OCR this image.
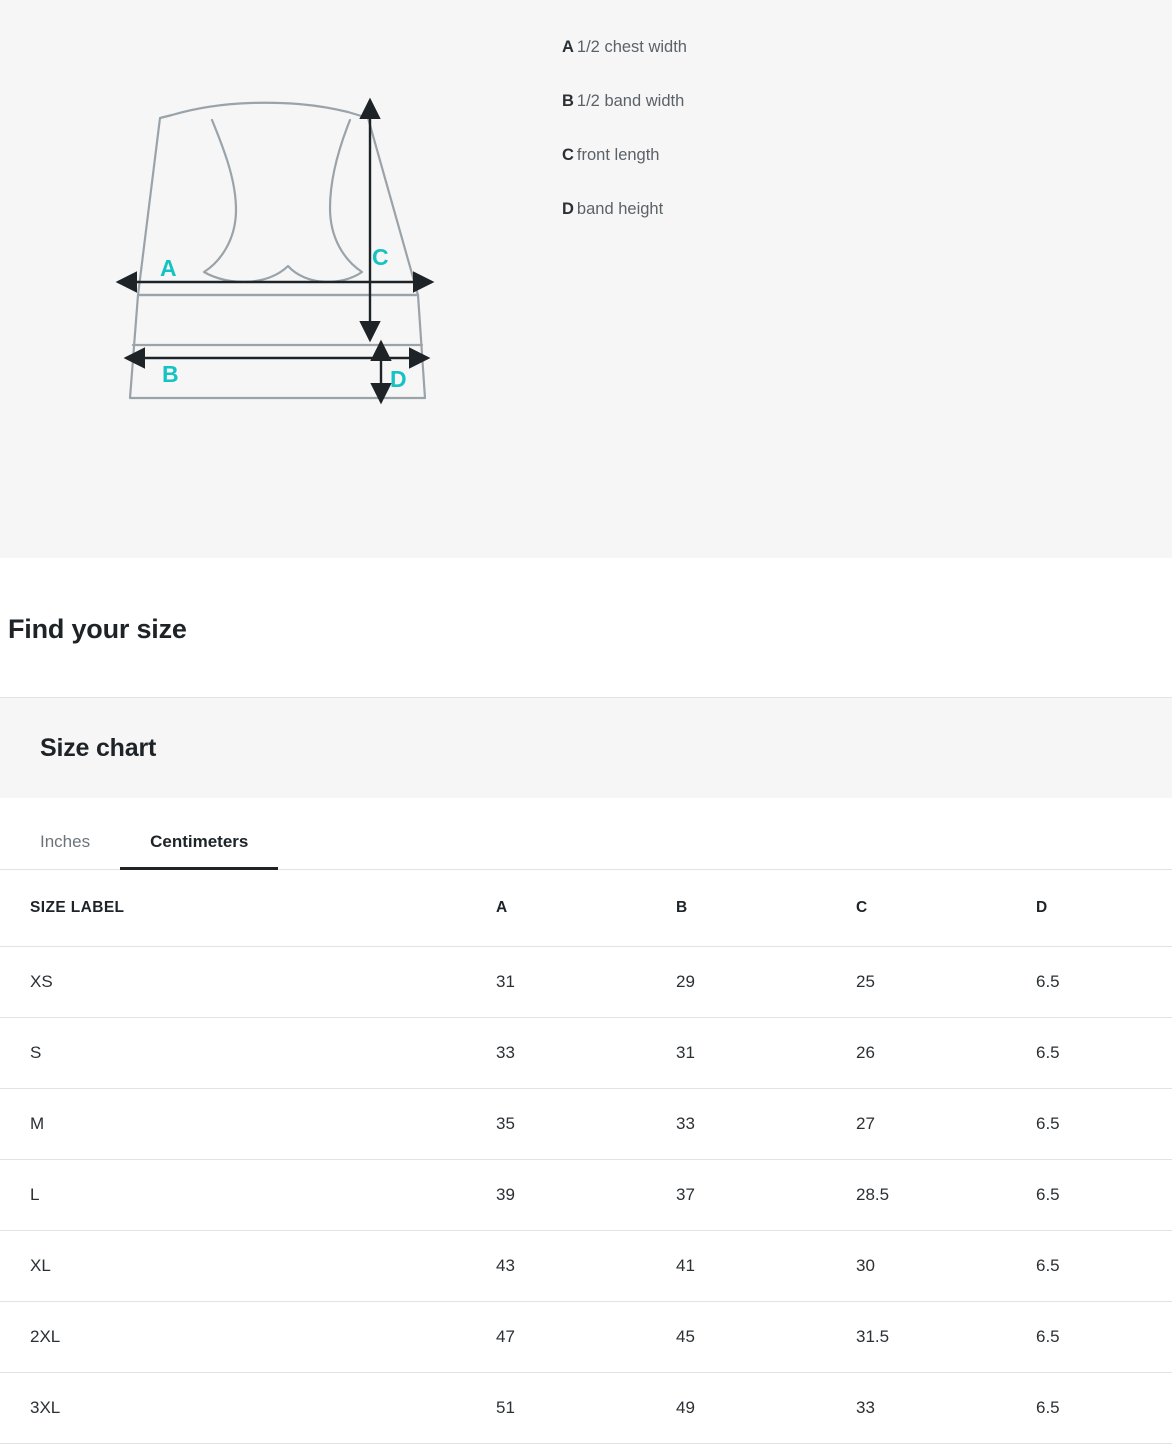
A
B
C
D
A 1/2 chest width
B 1/2 band width
C front length
D band height
Find your size
Size chart
Inches	Centimeters
SIZE LABEL	A	B	C	D
XS	31	29	25	6.5
S	33	31	26	6.5
M	35	33	27	6.5
L	39	37	28.5	6.5
XL	43	41	30	6.5
2XL	47	45	31.5	6.5
3XL	51	49	33	6.5
